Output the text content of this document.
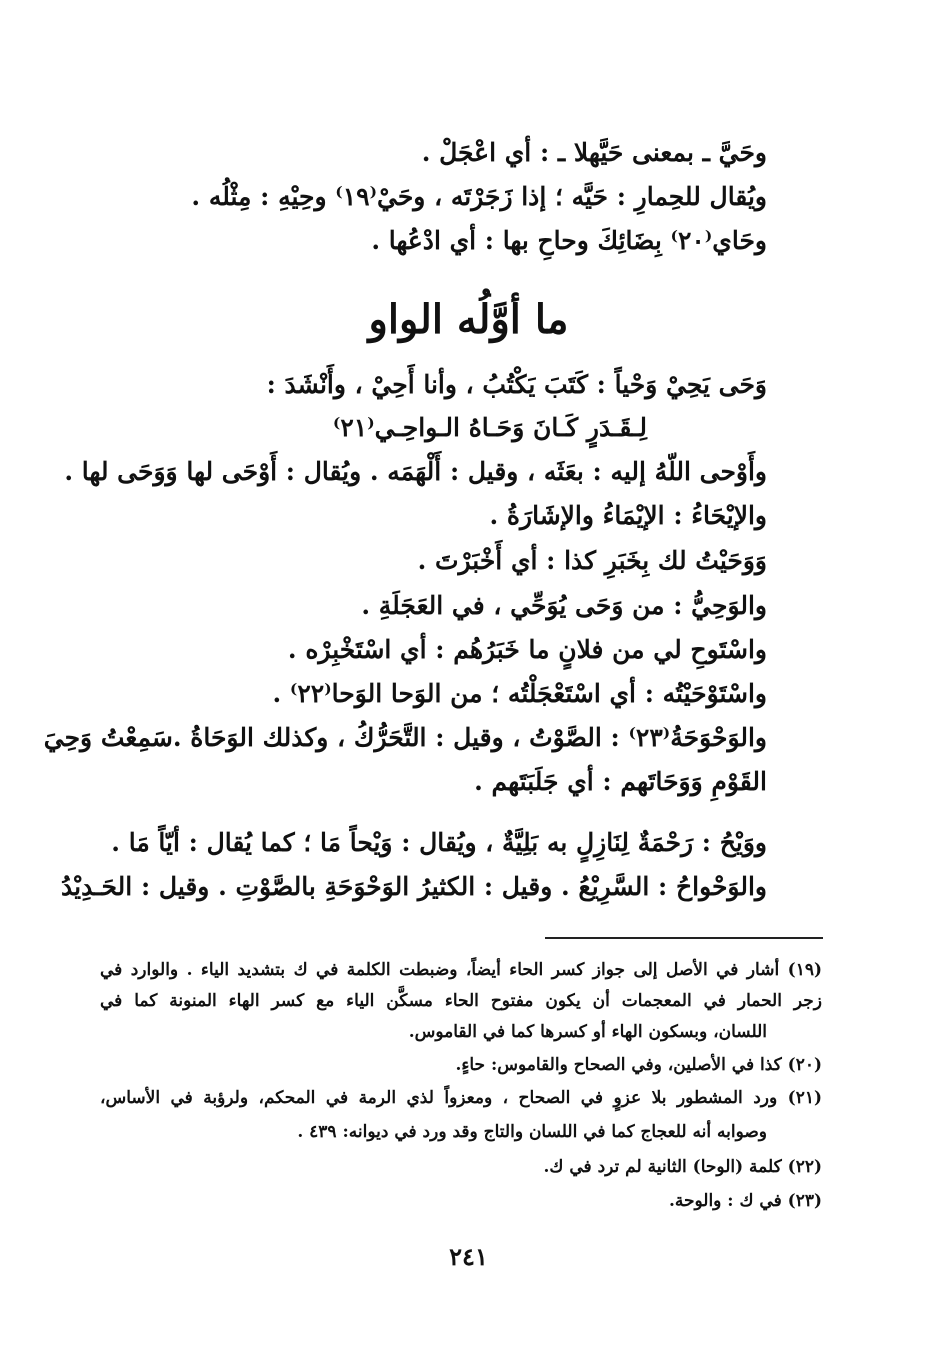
وحَيَّ ـ بمعنى حَيَّهلا ـ : أي اعْجَلْ .
ويُقال للحِمارِ : حَيَّه ؛ إذا زَجَرْتَه ، وحَيْ⁽١٩⁾ وحِيْهِ : مِثْلُه .
وحَاي⁽٢٠⁾ بِضَائِكَ وحاحِ بها : أي ادْعُها .
ما أوَّلُه الواو
وَحَى يَحِيْ وَحْياً : كَتَبَ يَكْتُبُ ، وأنا أَحِيْ ، وأَنْشَدَ :
لِـقَـدَرٍ كَـانَ وَحَـاهُ الـواحِـي⁽٢١⁾
وأَوْحى اللّهُ إليه : بعَثَه ، وقيل : أَلْهَمَه . ويُقال : أَوْحَى لها وَوَحَى لها .
والإيْحَاءُ : الإيْمَاءُ والإشَارَةُ .
وَوَحَيْتُ لك بِخَبَرِ كذا : أي أَخْبَرْتَ .
والوَحِيُّ : من وَحَى يُوَحِّي ، في العَجَلَةِ .
واسْتَوحِ لي من فلانٍ ما خَبَرُهُم : أي اسْتَخْبِرْه .
واسْتَوْحَيْتُه : أي اسْتَعْجَلْتُه ؛ من الوَحا الوَحا⁽٢٢⁾ .
والوَحْوَحَةُ⁽٢٣⁾ : الصَّوْتُ ، وقيل : التَّحَرُّكُ ، وكذلك الوَحَاةُ .سَمِعْتُ وَحِيَ
القَوْمِ وَوَحَاتَهم : أي جَلَبَتَهم .
ووَيْحُ : رَحْمَةٌ لِنَازِلٍ به بَلِيَّةٌ ، ويُقال : وَيْحاً مَا ؛ كما يُقال : أيّاً مَا .
والوَحْواحُ : السَّرِيْعُ . وقيل : الكثيرُ الوَحْوَحَةِ بالصَّوْتِ . وقيل : الحَـدِيْدُ
(١٩) أشار في الأصل إلى جواز كسر الحاء أيضاً، وضبطت الكلمة في ك بتشديد الياء . والوارد في
زجر الحمار في المعجمات أن يكون مفتوح الحاء مسكَّن الياء مع كسر الهاء المنونة كما في
اللسان، وبسكون الهاء أو كسرها كما في القاموس.
(٢٠) كذا في الأصلين، وفي الصحاح والقاموس: حاءٍ.
(٢١) ورد المشطور بلا عزوٍ في الصحاح ، ومعزواً لذي الرمة في المحكم، ولرؤبة في الأساس،
وصوابه أنه للعجاج كما في اللسان والتاج وقد ورد في ديوانه: ٤٣٩ .
(٢٢) كلمة (الوحا) الثانية لم ترد في ك.
(٢٣) في ك : والوحة.
٢٤١
